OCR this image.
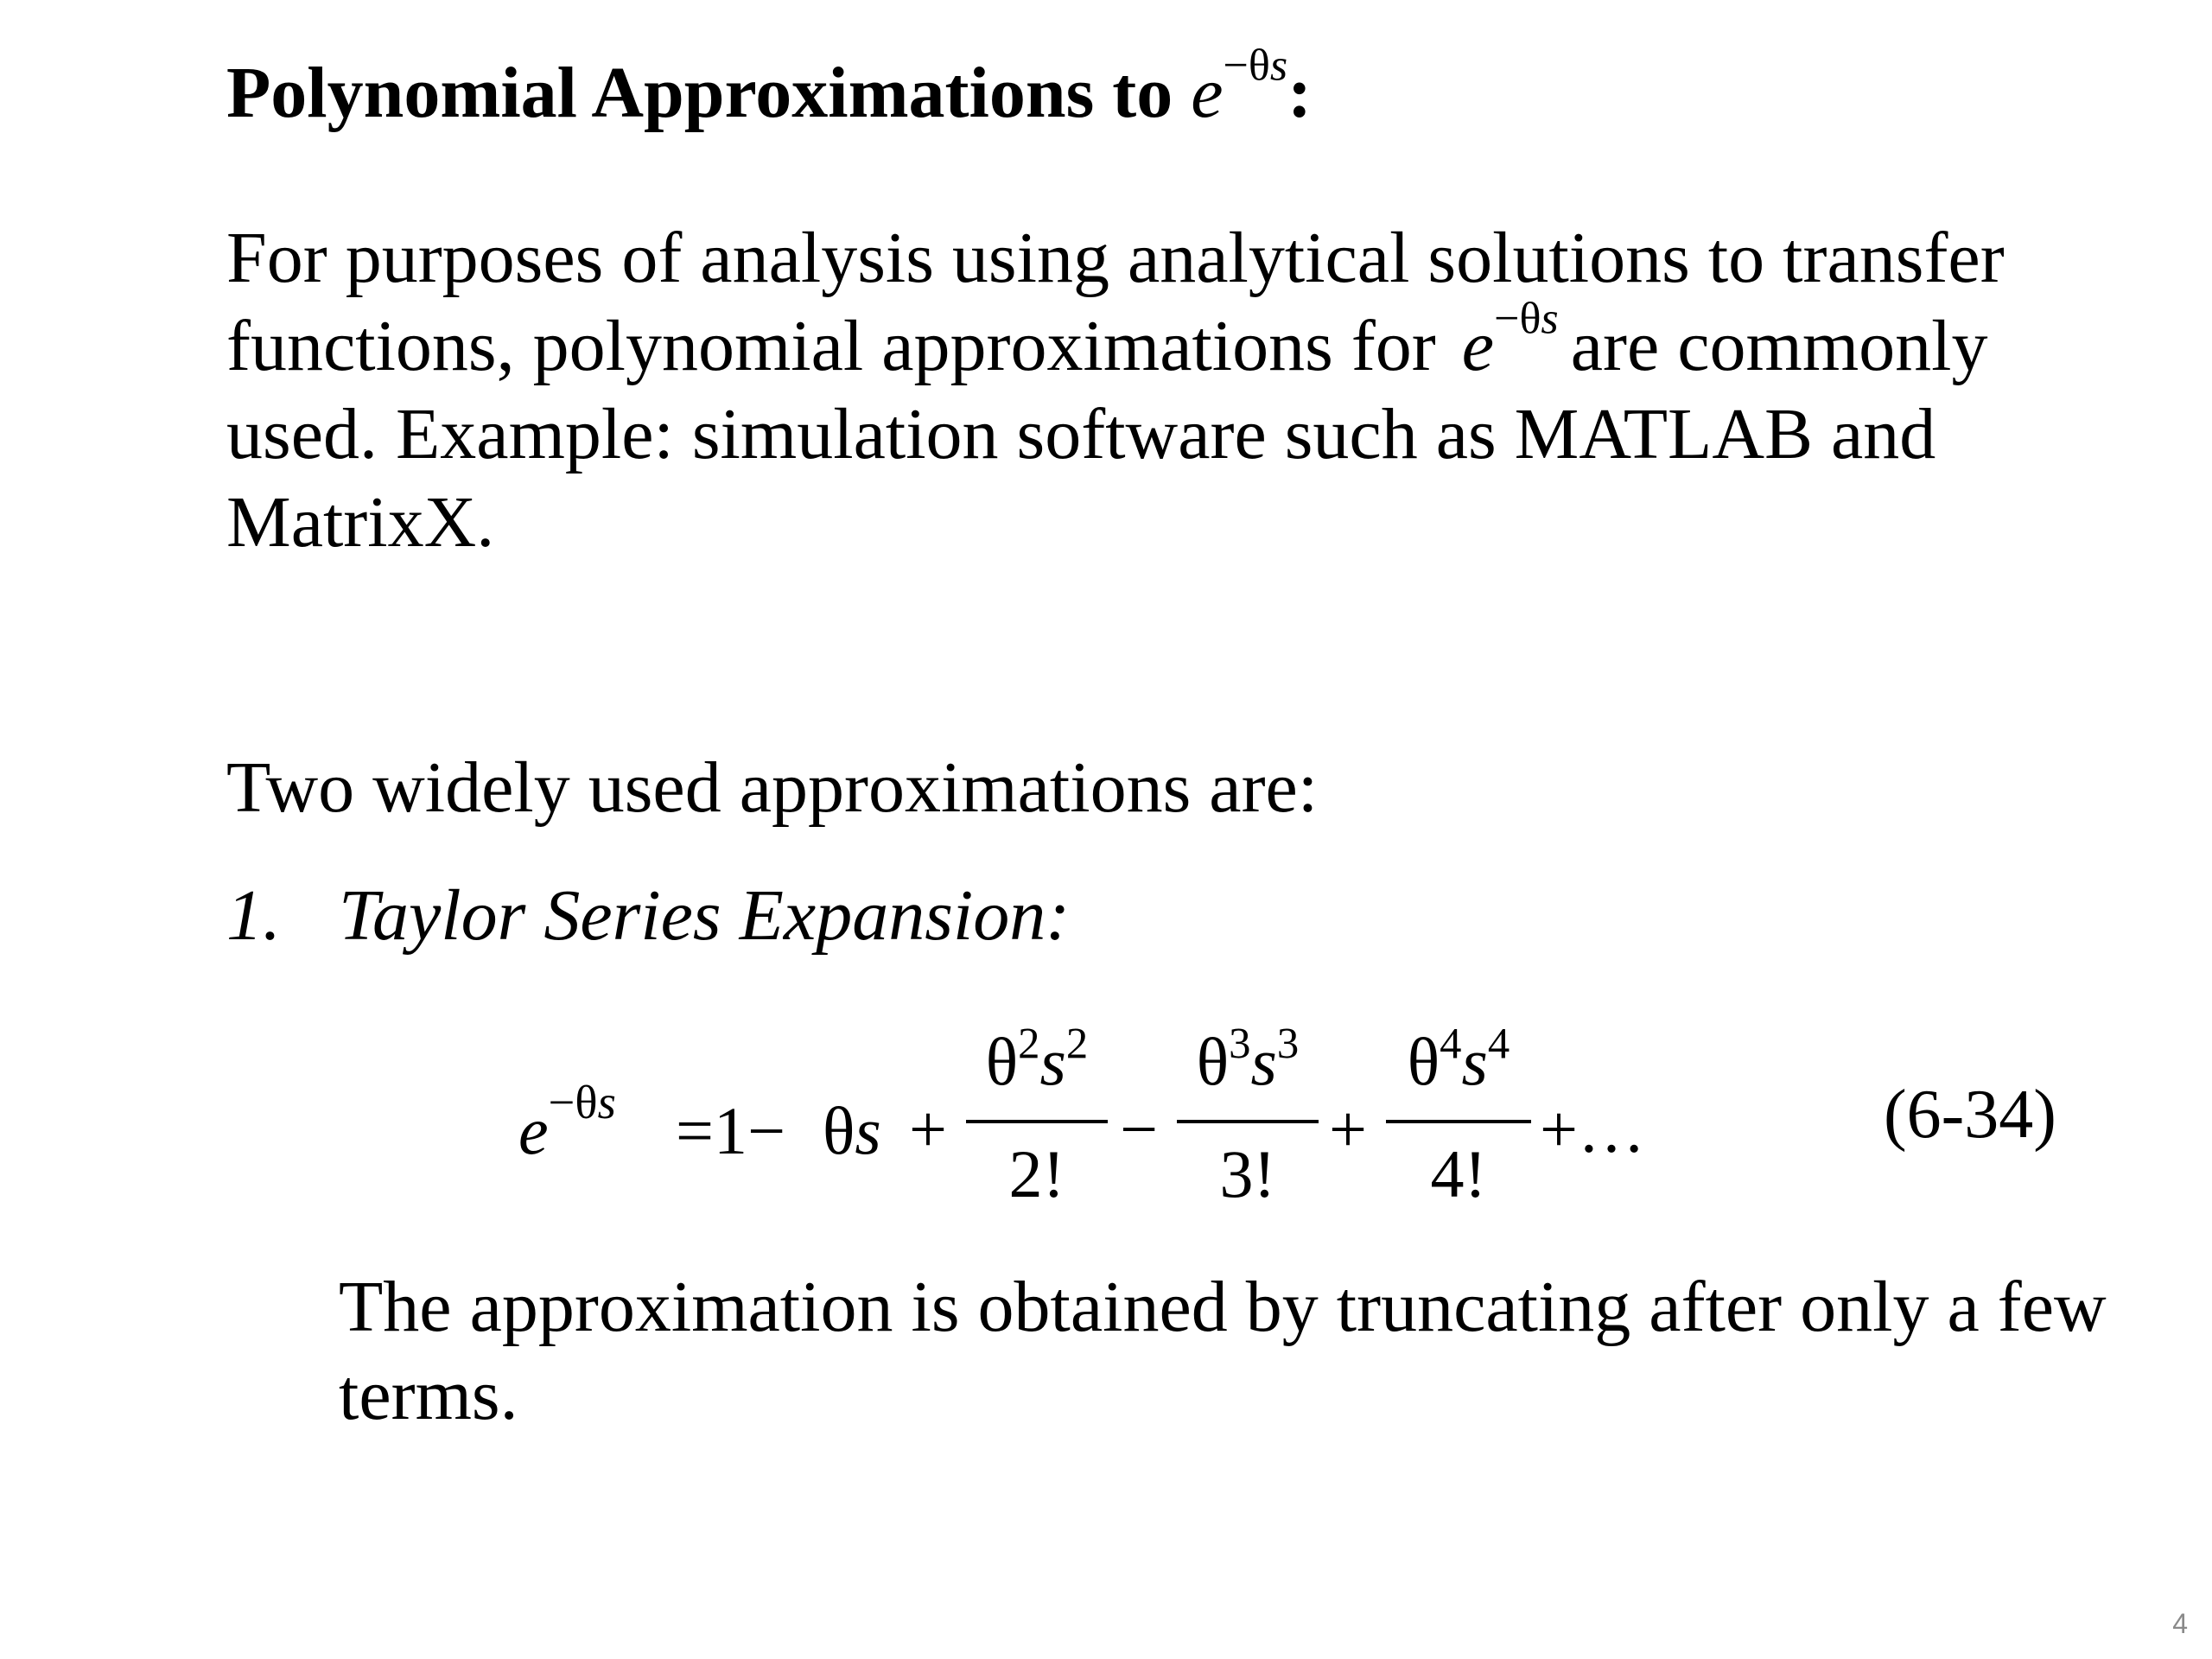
Polynomial Approximations to $e^{-\theta s}$:
For purposes of analysis using analytical solutions to transfer
functions, polynomial approximations for $e^{-\theta s}$ are commonly
used. Example: simulation software such as MATLAB and
MatrixX.
Two widely used approximations are:
1. Taylor Series Expansion:
$e^{-\theta s} =1- \theta s$ +
$\theta^2s^2$
2!
−
$\theta^3s^3$
3!
+
$\theta^4s^4$
4!
+…	(6-34)
The approximation is obtained by truncating after only a few
terms.
4
